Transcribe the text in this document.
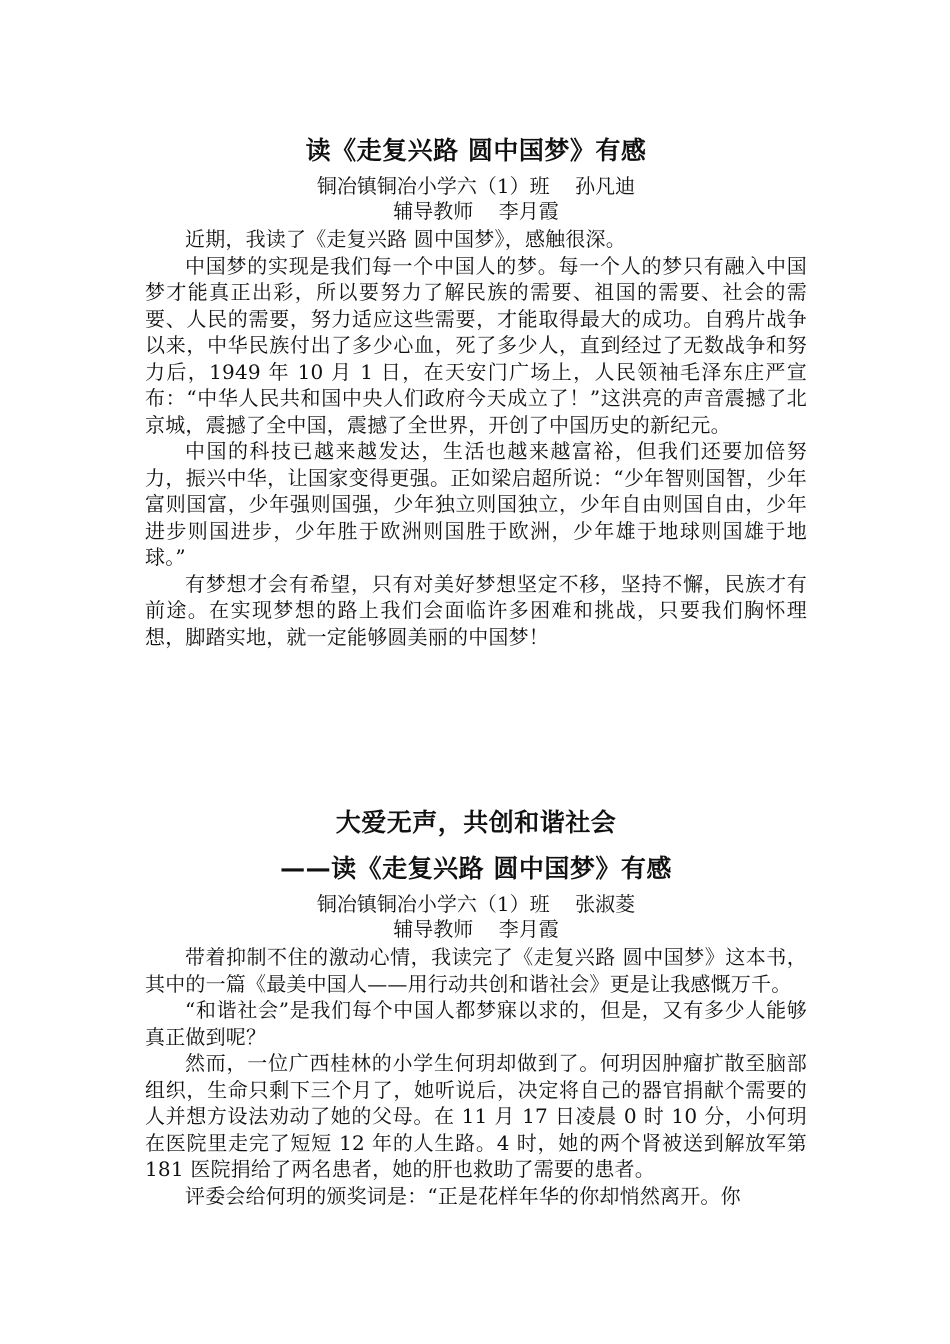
读《走复兴路 圆中国梦》有感

铜冶镇铜冶小学六（1）班    孙凡迪

辅导教师    李月霞

近期，我读了《走复兴路 圆中国梦》，感触很深。

中国梦的实现是我们每一个中国人的梦。每一个人的梦只有融入中国梦才能真正出彩，所以要努力了解民族的需要、祖国的需要、社会的需要、人民的需要，努力适应这些需要，才能取得最大的成功。自鸦片战争以来，中华民族付出了多少心血，死了多少人，直到经过了无数战争和努力后，1949 年 10 月 1 日，在天安门广场上，人民领袖毛泽东庄严宣布：“中华人民共和国中央人们政府今天成立了！”这洪亮的声音震撼了北京城，震撼了全中国，震撼了全世界，开创了中国历史的新纪元。

中国的科技已越来越发达，生活也越来越富裕，但我们还要加倍努力，振兴中华，让国家变得更强。正如梁启超所说：“少年智则国智，少年富则国富，少年强则国强，少年独立则国独立，少年自由则国自由，少年进步则国进步，少年胜于欧洲则国胜于欧洲，少年雄于地球则国雄于地球。”

有梦想才会有希望，只有对美好梦想坚定不移，坚持不懈，民族才有前途。在实现梦想的路上我们会面临许多困难和挑战，只要我们胸怀理想，脚踏实地，就一定能够圆美丽的中国梦！

大爱无声，共创和谐社会
——读《走复兴路 圆中国梦》有感

铜冶镇铜冶小学六（1）班    张淑菱

辅导教师    李月霞

带着抑制不住的激动心情，我读完了《走复兴路 圆中国梦》这本书，其中的一篇《最美中国人——用行动共创和谐社会》更是让我感慨万千。

“和谐社会”是我们每个中国人都梦寐以求的，但是，又有多少人能够真正做到呢？

然而，一位广西桂林的小学生何玥却做到了。何玥因肿瘤扩散至脑部组织，生命只剩下三个月了，她听说后，决定将自己的器官捐献个需要的人并想方设法劝动了她的父母。在 11 月 17 日凌晨 0 时 10 分，小何玥在医院里走完了短短 12 年的人生路。4 时，她的两个肾被送到解放军第 181 医院捐给了两名患者，她的肝也救助了需要的患者。

评委会给何玥的颁奖词是：“正是花样年华的你却悄然离开。你
